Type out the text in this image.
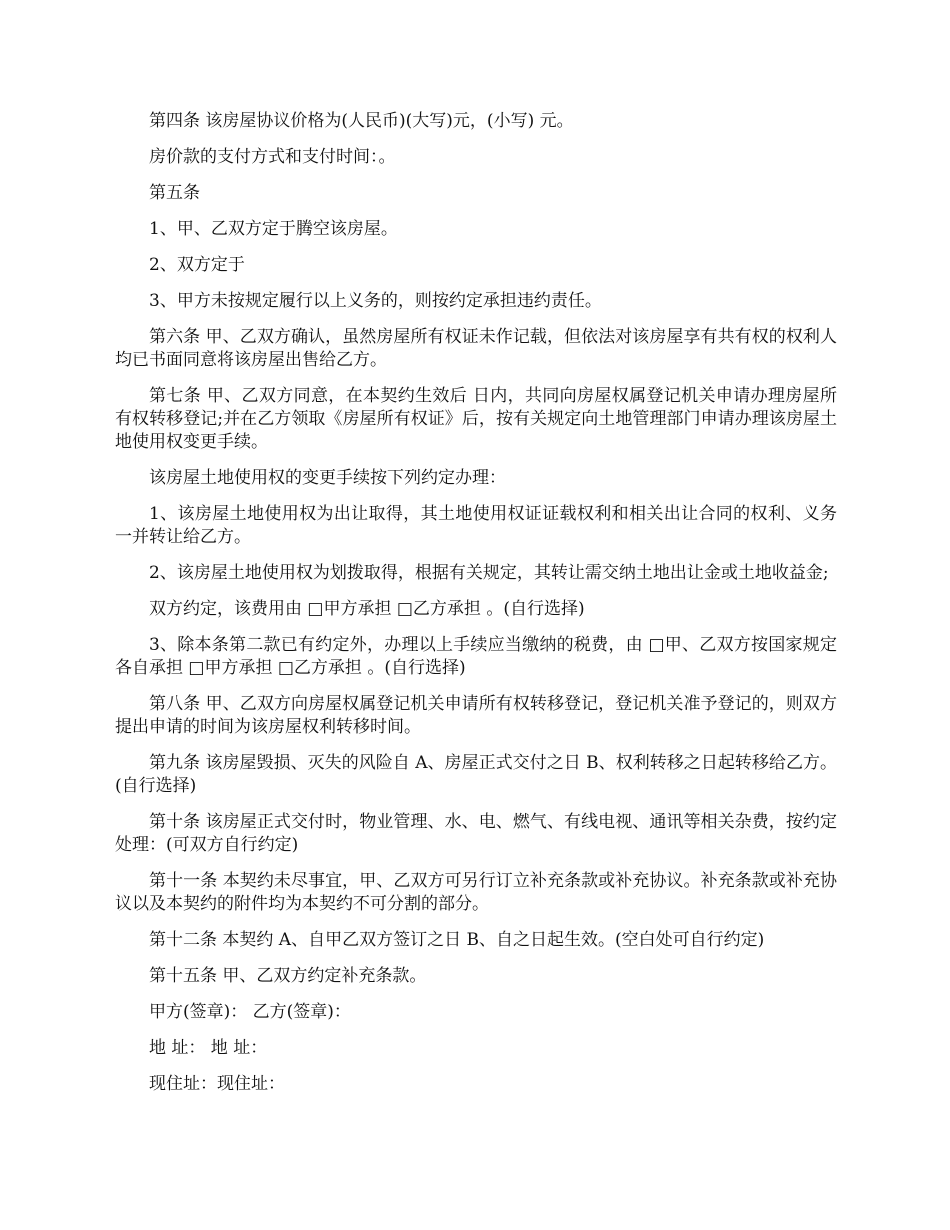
第四条 该房屋协议价格为(人民币)(大写)元，(小写) 元。

房价款的支付方式和支付时间：。

第五条

1、甲、乙双方定于腾空该房屋。

2、双方定于

3、甲方未按规定履行以上义务的，则按约定承担违约责任。

第六条 甲、乙双方确认，虽然房屋所有权证未作记载，但依法对该房屋享有共有权的权利人均已书面同意将该房屋出售给乙方。

第七条 甲、乙双方同意，在本契约生效后 日内，共同向房屋权属登记机关申请办理房屋所有权转移登记;并在乙方领取《房屋所有权证》后，按有关规定向土地管理部门申请办理该房屋土地使用权变更手续。

该房屋土地使用权的变更手续按下列约定办理：

1、该房屋土地使用权为出让取得，其土地使用权证证载权利和相关出让合同的权利、义务一并转让给乙方。

2、该房屋土地使用权为划拨取得，根据有关规定，其转让需交纳土地出让金或土地收益金;

双方约定，该费用由 □甲方承担 □乙方承担 。(自行选择)

3、除本条第二款已有约定外，办理以上手续应当缴纳的税费，由 □甲、乙双方按国家规定各自承担 □甲方承担 □乙方承担 。(自行选择)

第八条 甲、乙双方向房屋权属登记机关申请所有权转移登记，登记机关准予登记的，则双方提出申请的时间为该房屋权利转移时间。

第九条 该房屋毁损、灭失的风险自 A、房屋正式交付之日 B、权利转移之日起转移给乙方。(自行选择)

第十条 该房屋正式交付时，物业管理、水、电、燃气、有线电视、通讯等相关杂费，按约定处理：(可双方自行约定)

第十一条 本契约未尽事宜，甲、乙双方可另行订立补充条款或补充协议。补充条款或补充协议以及本契约的附件均为本契约不可分割的部分。

第十二条 本契约 A、自甲乙双方签订之日 B、自之日起生效。(空白处可自行约定)

第十五条 甲、乙双方约定补充条款。

甲方(签章)： 乙方(签章)：

地 址： 地 址：

现住址：现住址：
